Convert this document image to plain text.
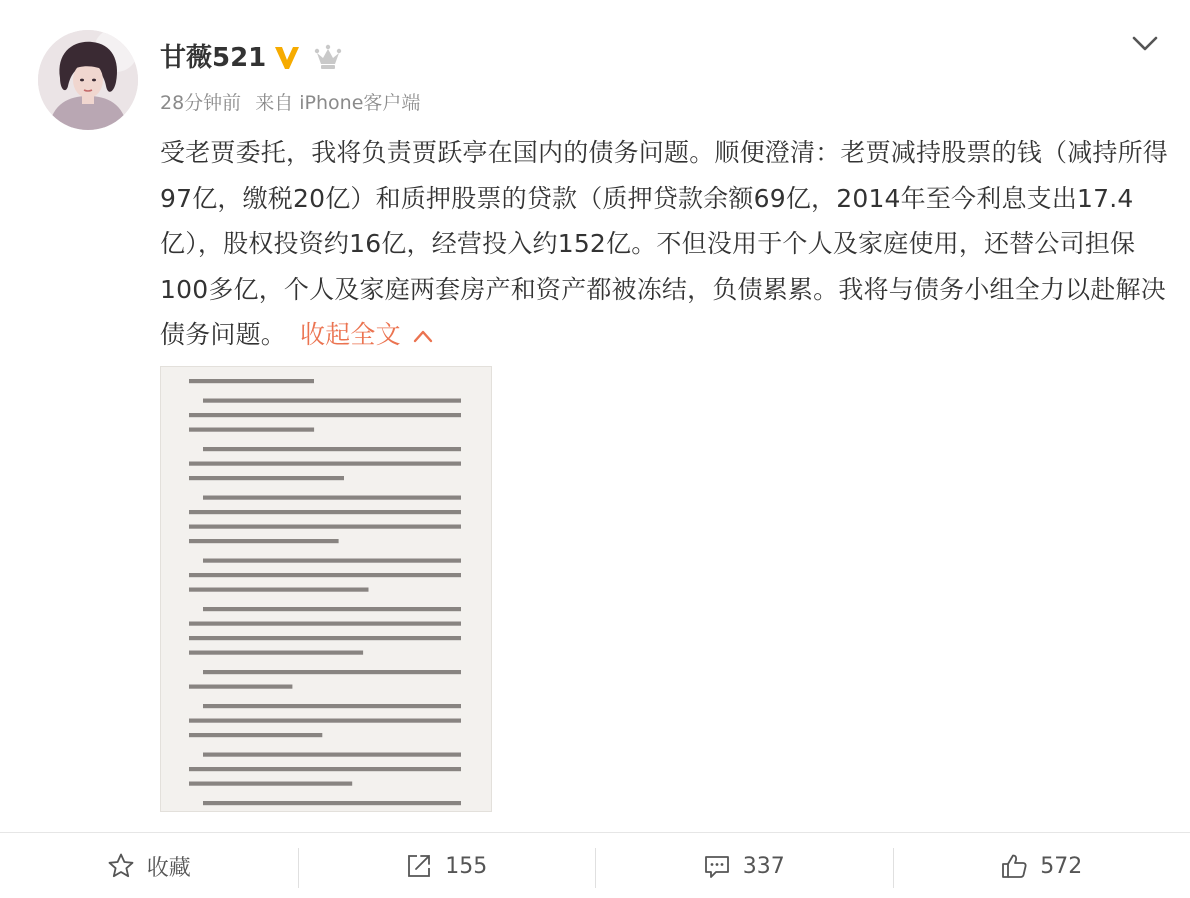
甘薇521
28分钟前 来自 iPhone客户端
受老贾委托，我将负责贾跃亭在国内的债务问题。顺便澄清：老贾减持股票的钱（减持所得97亿，缴税20亿）和质押股票的贷款（质押贷款余额69亿，2014年至今利息支出17.4亿），股权投资约16亿，经营投入约152亿。不但没用于个人及家庭使用，还替公司担保100多亿，个人及家庭两套房产和资产都被冻结，负债累累。我将与债务小组全力以赴解决债务问题。 收起全文
收藏	155	337	572
